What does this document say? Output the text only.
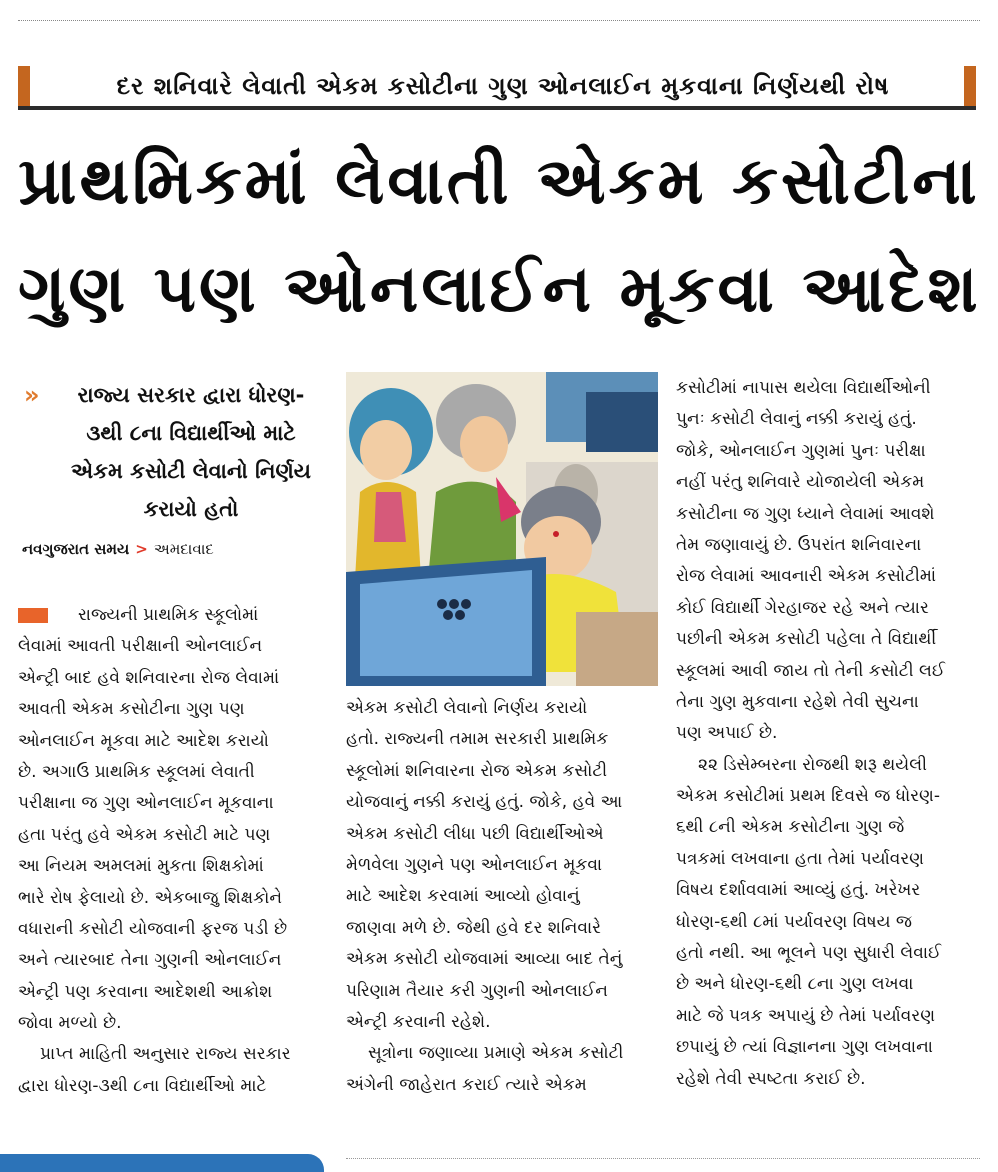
દર શનિવારે લેવાતી એકમ કસોટીના ગુણ ઓનલાઈન મુકવાના નિર્ણયથી રોષ
પ્રાથમિકમાં લેવાતી એકમ કસોટીના
ગુણ પણ ઓનલાઈન મૂકવા આદેશ
»	રાજ્ય સરકાર દ્વારા ધોરણ-
૩થી ૮ના વિદ્યાર્થીઓ માટે
એકમ કસોટી લેવાનો નિર્ણય
કરાયો હતો
નવગુજરાત સમય > અમદાવાદ
રાજ્યની પ્રાથમિક સ્કૂલોમાં
લેવામાં આવતી પરીક્ષાની ઓનલાઈન
એન્ટ્રી બાદ હવે શનિવારના રોજ લેવામાં
આવતી એકમ કસોટીના ગુણ પણ
ઓનલાઈન મૂકવા માટે આદેશ કરાયો
છે. અગાઉ પ્રાથમિક સ્કૂલમાં લેવાતી
પરીક્ષાના જ ગુણ ઓનલાઈન મૂકવાના
હતા પરંતુ હવે એકમ કસોટી માટે પણ
આ નિયમ અમલમાં મુકતા શિક્ષકોમાં
ભારે રોષ ફેલાયો છે. એકબાજુ શિક્ષકોને
વધારાની કસોટી યોજવાની ફરજ પડી છે
અને ત્યારબાદ તેના ગુણની ઓનલાઈન
એન્ટ્રી પણ કરવાના આદેશથી આક્રોશ
જોવા મળ્યો છે.
પ્રાપ્ત માહિતી અનુસાર રાજ્ય સરકાર
દ્વારા ધોરણ-૩થી ૮ના વિદ્યાર્થીઓ માટે
એકમ કસોટી લેવાનો નિર્ણય કરાયો
હતો. રાજ્યની તમામ સરકારી પ્રાથમિક
સ્કૂલોમાં શનિવારના રોજ એકમ કસોટી
યોજવાનું નક્કી કરાયું હતું. જોકે, હવે આ
એકમ કસોટી લીધા પછી વિદ્યાર્થીઓએ
મેળવેલા ગુણને પણ ઓનલાઈન મૂકવા
માટે આદેશ કરવામાં આવ્યો હોવાનું
જાણવા મળે છે. જેથી હવે દર શનિવારે
એકમ કસોટી યોજવામાં આવ્યા બાદ તેનું
પરિણામ તૈયાર કરી ગુણની ઓનલાઈન
એન્ટ્રી કરવાની રહેશે.
સૂત્રોના જણાવ્યા પ્રમાણે એકમ કસોટી
અંગેની જાહેરાત કરાઈ ત્યારે એકમ
કસોટીમાં નાપાસ થયેલા વિદ્યાર્થીઓની
પુનઃ કસોટી લેવાનું નક્કી કરાયું હતું.
જોકે, ઓનલાઈન ગુણમાં પુનઃ પરીક્ષા
નહીં પરંતુ શનિવારે યોજાયેલી એકમ
કસોટીના જ ગુણ ધ્યાને લેવામાં આવશે
તેમ જણાવાયું છે. ઉપરાંત શનિવારના
રોજ લેવામાં આવનારી એકમ કસોટીમાં
કોઈ વિદ્યાર્થી ગેરહાજર રહે અને ત્યાર
પછીની એકમ કસોટી પહેલા તે વિદ્યાર્થી
સ્કૂલમાં આવી જાય તો તેની કસોટી લઈ
તેના ગુણ મુકવાના રહેશે તેવી સુચના
પણ અપાઈ છે.
૨૨ ડિસેમ્બરના રોજથી શરૂ થયેલી
એકમ કસોટીમાં પ્રથમ દિવસે જ ધોરણ-
૬થી ૮ની એકમ કસોટીના ગુણ જે
પત્રકમાં લખવાના હતા તેમાં પર્યાવરણ
વિષય દર્શાવવામાં આવ્યું હતું. ખરેખર
ધોરણ-૬થી ૮માં પર્યાવરણ વિષય જ
હતો નથી. આ ભૂલને પણ સુધારી લેવાઈ
છે અને ધોરણ-૬થી ૮ના ગુણ લખવા
માટે જે પત્રક અપાયું છે તેમાં પર્યાવરણ
છપાયું છે ત્યાં વિજ્ઞાનના ગુણ લખવાના
રહેશે તેવી સ્પષ્ટતા કરાઈ છે.
